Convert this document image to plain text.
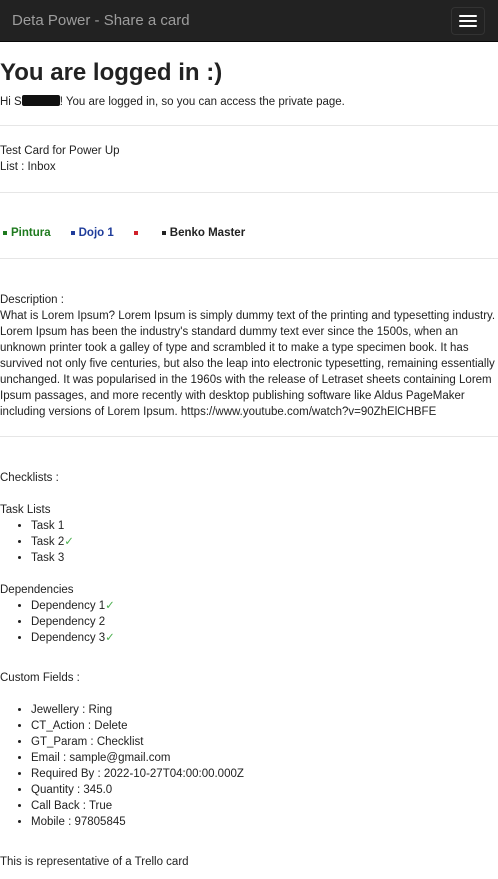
Deta Power - Share a card
You are logged in :)
Hi S	! You are logged in, so you can access the private page.
Test Card for Power Up
List : Inbox
Pintura Dojo 1	Benko Master
Description :
What is Lorem Ipsum? Lorem Ipsum is simply dummy text of the printing and typesetting industry. Lorem Ipsum has been the industry's standard dummy text ever since the 1500s, when an unknown printer took a galley of type and scrambled it to make a type specimen book. It has survived not only five centuries, but also the leap into electronic typesetting, remaining essentially unchanged. It was popularised in the 1960s with the release of Letraset sheets containing Lorem Ipsum passages, and more recently with desktop publishing software like Aldus PageMaker including versions of Lorem Ipsum. https://www.youtube.com/watch?v=90ZhElCHBFE
Checklists :
Task Lists
• Task 1
• Task 2✓
• Task 3
Dependencies
• Dependency 1✓
• Dependency 2
• Dependency 3✓
Custom Fields :
• Jewellery : Ring
• CT_Action : Delete
• GT_Param : Checklist
• Email : sample@gmail.com
• Required By : 2022-10-27T04:00:00.000Z
• Quantity : 345.0
• Call Back : True
• Mobile : 97805845

This is representative of a Trello card
